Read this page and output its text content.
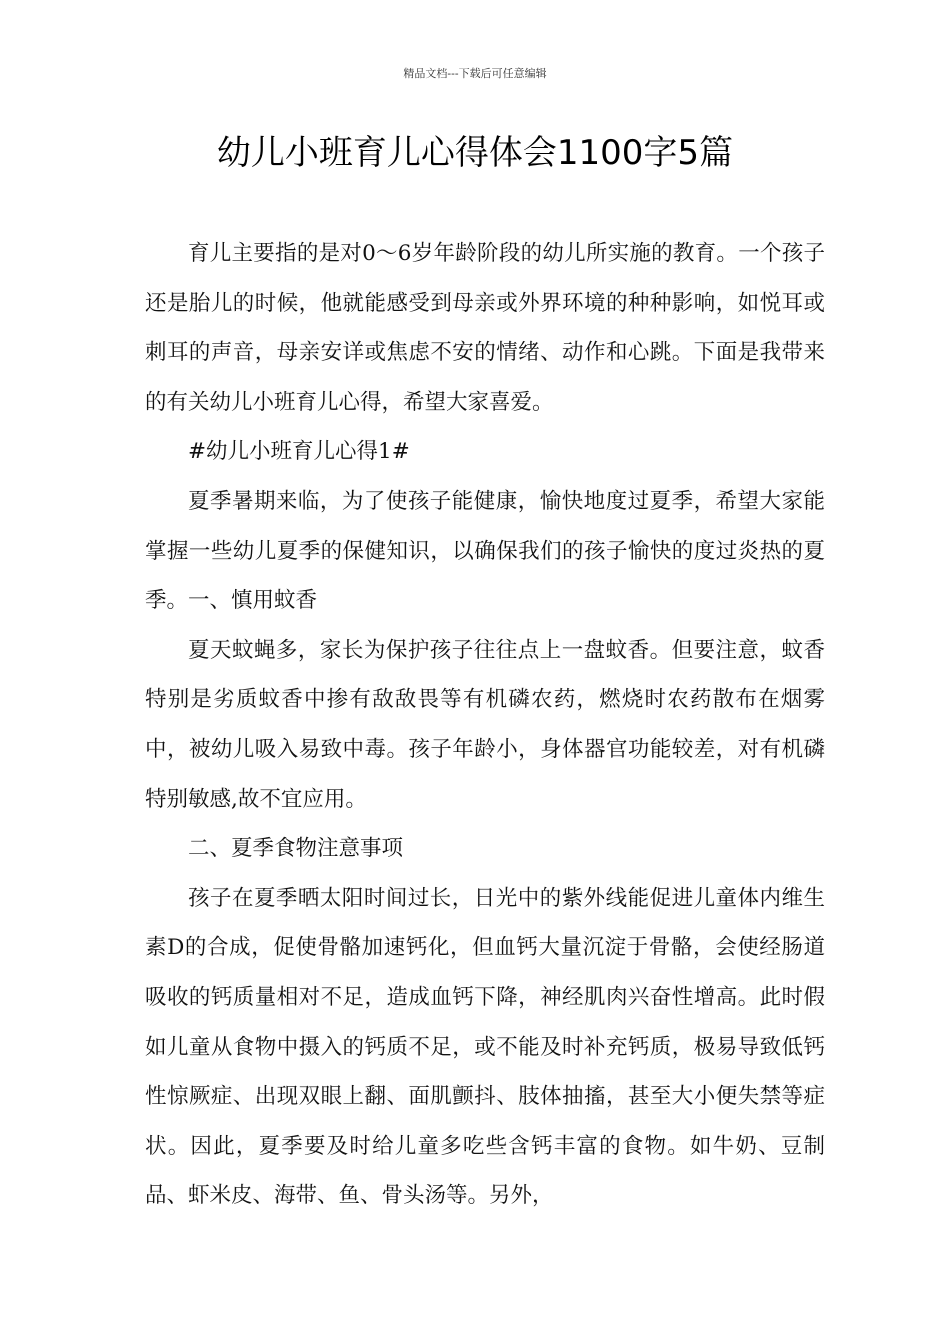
精品文档---下载后可任意编辑
幼儿小班育儿心得体会1100字5篇

育儿主要指的是对0～6岁年龄阶段的幼儿所实施的教育。一个孩子还是胎儿的时候，他就能感受到母亲或外界环境的种种影响，如悦耳或刺耳的声音，母亲安详或焦虑不安的情绪、动作和心跳。下面是我带来的有关幼儿小班育儿心得，希望大家喜爱。

#幼儿小班育儿心得1#

夏季暑期来临，为了使孩子能健康，愉快地度过夏季，希望大家能掌握一些幼儿夏季的保健知识，以确保我们的孩子愉快的度过炎热的夏季。一、慎用蚊香

夏天蚊蝇多，家长为保护孩子往往点上一盘蚊香。但要注意，蚊香特别是劣质蚊香中掺有敌敌畏等有机磷农药，燃烧时农药散布在烟雾中，被幼儿吸入易致中毒。孩子年龄小，身体器官功能较差，对有机磷特别敏感,故不宜应用。

二、夏季食物注意事项

孩子在夏季晒太阳时间过长，日光中的紫外线能促进儿童体内维生素D的合成，促使骨骼加速钙化，但血钙大量沉淀于骨骼，会使经肠道吸收的钙质量相对不足，造成血钙下降，神经肌肉兴奋性增高。此时假如儿童从食物中摄入的钙质不足，或不能及时补充钙质，极易导致低钙性惊厥症、出现双眼上翻、面肌颤抖、肢体抽搐，甚至大小便失禁等症状。因此，夏季要及时给儿童多吃些含钙丰富的食物。如牛奶、豆制品、虾米皮、海带、鱼、骨头汤等。另外，
